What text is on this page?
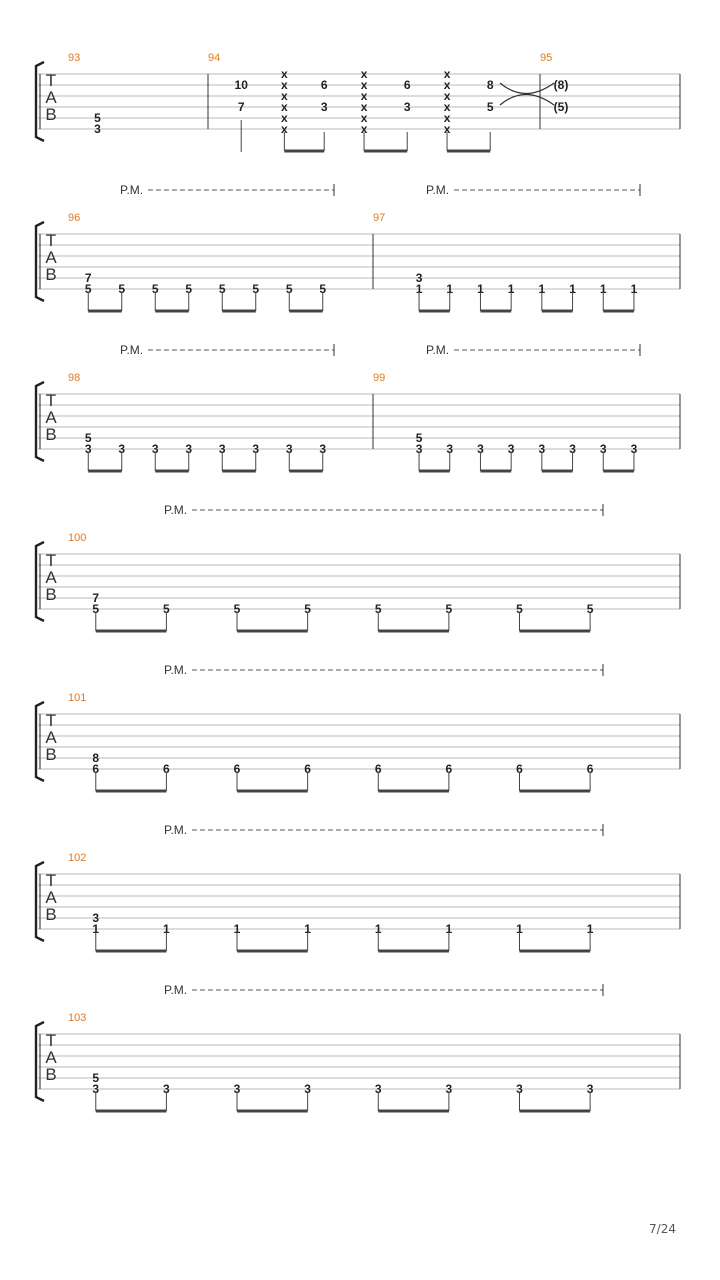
T
A
B
93	94	95
5
3
10
7
x
x
x
x
x
x
6
3
x
x
x
x
x
x
6
3
x
x
x
x
x
x
8
5
(8)
(5)
T
A
B
96	97
P.M.	P.M.
7
5 5 5 5 5 5 5 5
3
1 1 1 1 1 1 1 1
T
A
B
98	99
P.M.	P.M.
5
3 3 3 3 3 3 3 3
5
3 3 3 3 3 3 3 3
T
A
B
100
P.M.
7
5	5	5	5	5	5	5	5
T
A
B
101
P.M.
8
6	6	6	6	6	6	6	6
T
A
B
102
P.M.
3
1	1	1	1	1	1	1	1
T
A
B
103
P.M.
5
3	3	3	3	3	3	3	3
7/24
